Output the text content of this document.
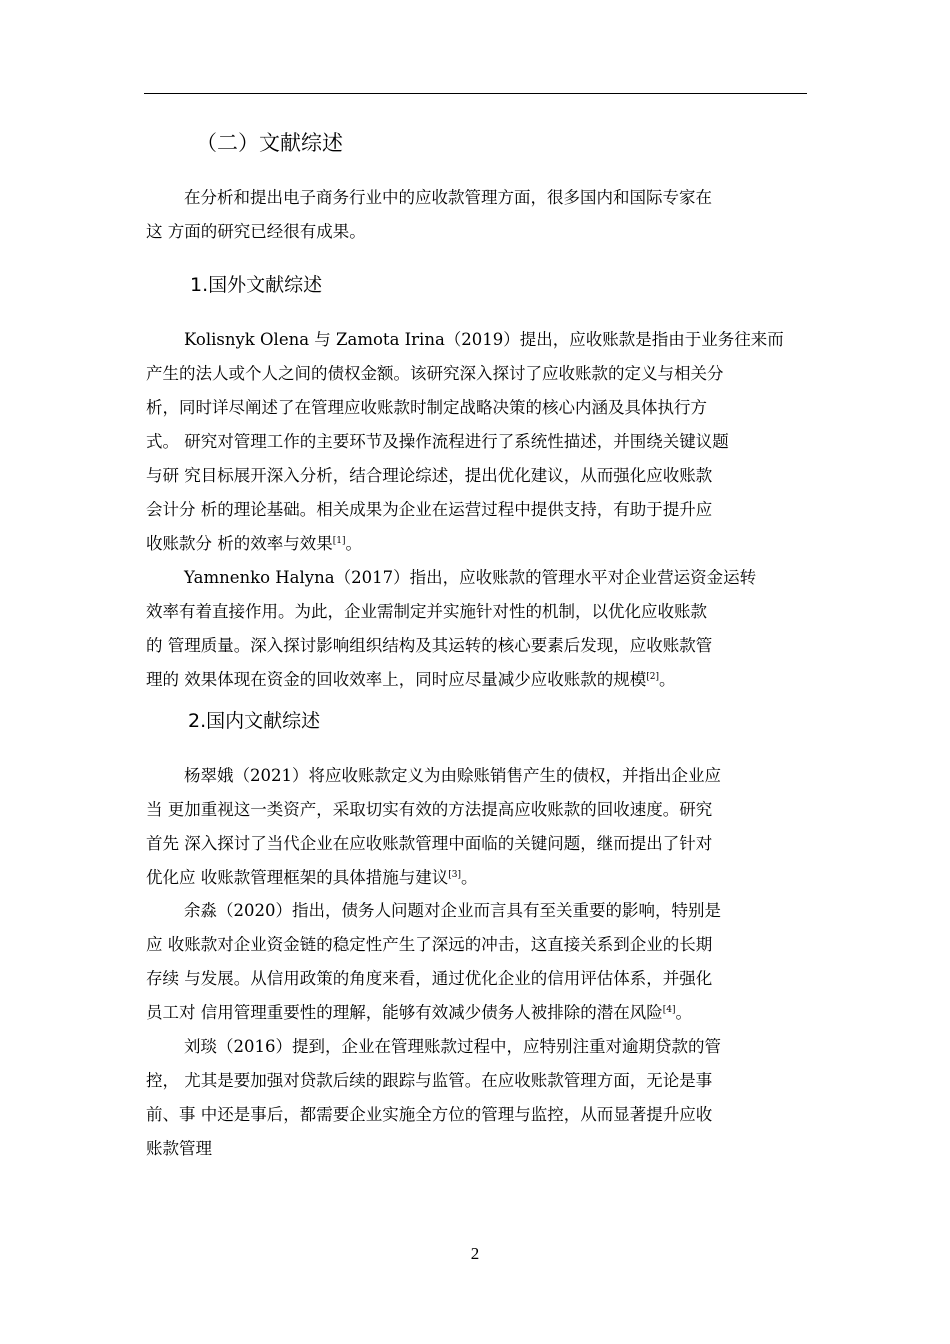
（二）文献综述

在分析和提出电子商务行业中的应收款管理方面，很多国内和国际专家在

这 方面的研究已经很有成果。

1.国外文献综述

Kolisnyk Olena 与 Zamota Irina（2019）提出，应收账款是指由于业务往来而

产生的法人或个人之间的债权金额。该研究深入探讨了应收账款的定义与相关分

析，同时详尽阐述了在管理应收账款时制定战略决策的核心内涵及具体执行方

式。 研究对管理工作的主要环节及操作流程进行了系统性描述，并围绕关键议题

与研 究目标展开深入分析，结合理论综述，提出优化建议，从而强化应收账款

会计分 析的理论基础。相关成果为企业在运营过程中提供支持，有助于提升应

收账款分 析的效率与效果[1]。

Yamnenko Halyna（2017）指出，应收账款的管理水平对企业营运资金运转

效率有着直接作用。为此，企业需制定并实施针对性的机制，以优化应收账款

的 管理质量。深入探讨影响组织结构及其运转的核心要素后发现，应收账款管

理的 效果体现在资金的回收效率上，同时应尽量减少应收账款的规模[2]。

2.国内文献综述

杨翠娥（2021）将应收账款定义为由赊账销售产生的债权，并指出企业应

当 更加重视这一类资产，采取切实有效的方法提高应收账款的回收速度。研究

首先 深入探讨了当代企业在应收账款管理中面临的关键问题，继而提出了针对

优化应 收账款管理框架的具体措施与建议[3]。

余淼（2020）指出，债务人问题对企业而言具有至关重要的影响，特别是

应 收账款对企业资金链的稳定性产生了深远的冲击，这直接关系到企业的长期

存续 与发展。从信用政策的角度来看，通过优化企业的信用评估体系，并强化

员工对 信用管理重要性的理解，能够有效减少债务人被排除的潜在风险[4]。

刘琰（2016）提到，企业在管理账款过程中，应特别注重对逾期贷款的管

控， 尤其是要加强对贷款后续的跟踪与监管。在应收账款管理方面，无论是事

前、事 中还是事后，都需要企业实施全方位的管理与监控，从而显著提升应收

账款管理

2
